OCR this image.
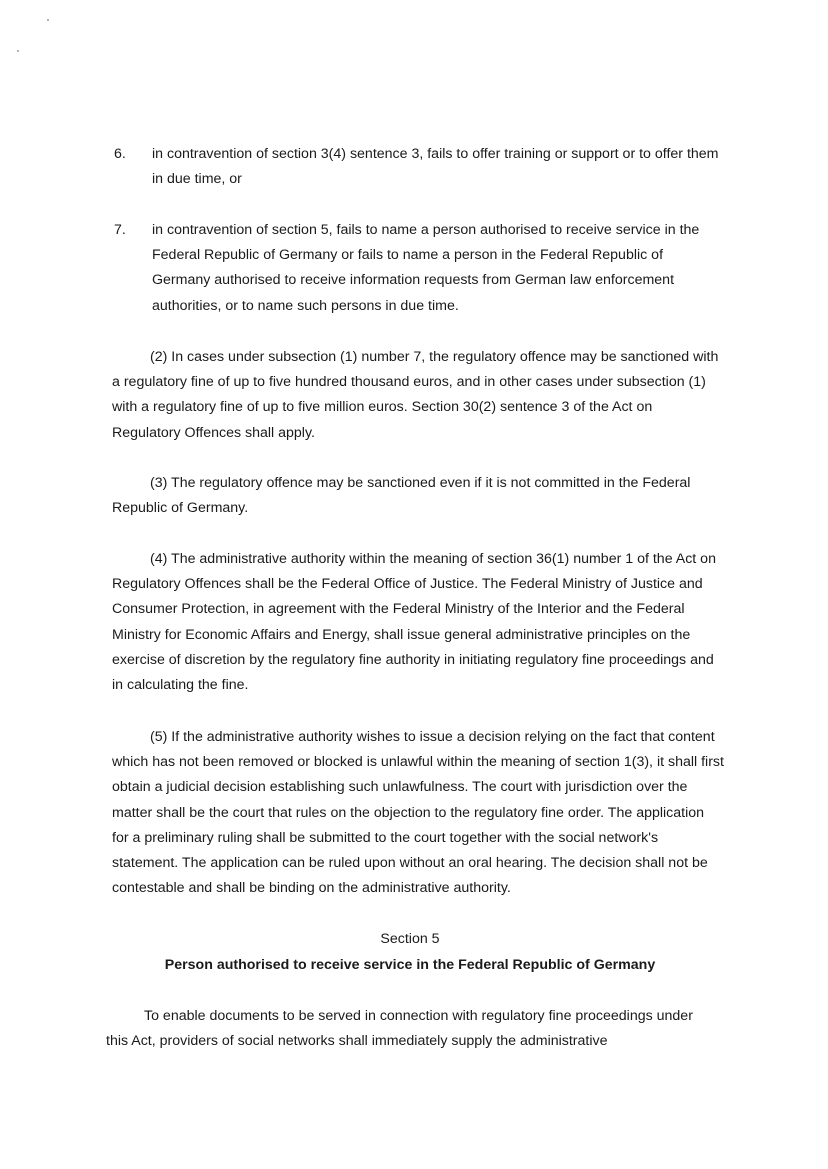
6.	in contravention of section 3(4) sentence 3, fails to offer training or support or to offer them in due time, or
7.	in contravention of section 5, fails to name a person authorised to receive service in the Federal Republic of Germany or fails to name a person in the Federal Republic of Germany authorised to receive information requests from German law enforcement authorities, or to name such persons in due time.
(2) In cases under subsection (1) number 7, the regulatory offence may be sanctioned with a regulatory fine of up to five hundred thousand euros, and in other cases under subsection (1) with a regulatory fine of up to five million euros. Section 30(2) sentence 3 of the Act on Regulatory Offences shall apply.
(3) The regulatory offence may be sanctioned even if it is not committed in the Federal Republic of Germany.
(4) The administrative authority within the meaning of section 36(1) number 1 of the Act on Regulatory Offences shall be the Federal Office of Justice. The Federal Ministry of Justice and Consumer Protection, in agreement with the Federal Ministry of the Interior and the Federal Ministry for Economic Affairs and Energy, shall issue general administrative principles on the exercise of discretion by the regulatory fine authority in initiating regulatory fine proceedings and in calculating the fine.
(5) If the administrative authority wishes to issue a decision relying on the fact that content which has not been removed or blocked is unlawful within the meaning of section 1(3), it shall first obtain a judicial decision establishing such unlawfulness. The court with jurisdiction over the matter shall be the court that rules on the objection to the regulatory fine order. The application for a preliminary ruling shall be submitted to the court together with the social network's statement. The application can be ruled upon without an oral hearing. The decision shall not be contestable and shall be binding on the administrative authority.
Section 5
Person authorised to receive service in the Federal Republic of Germany
To enable documents to be served in connection with regulatory fine proceedings under this Act, providers of social networks shall immediately supply the administrative
